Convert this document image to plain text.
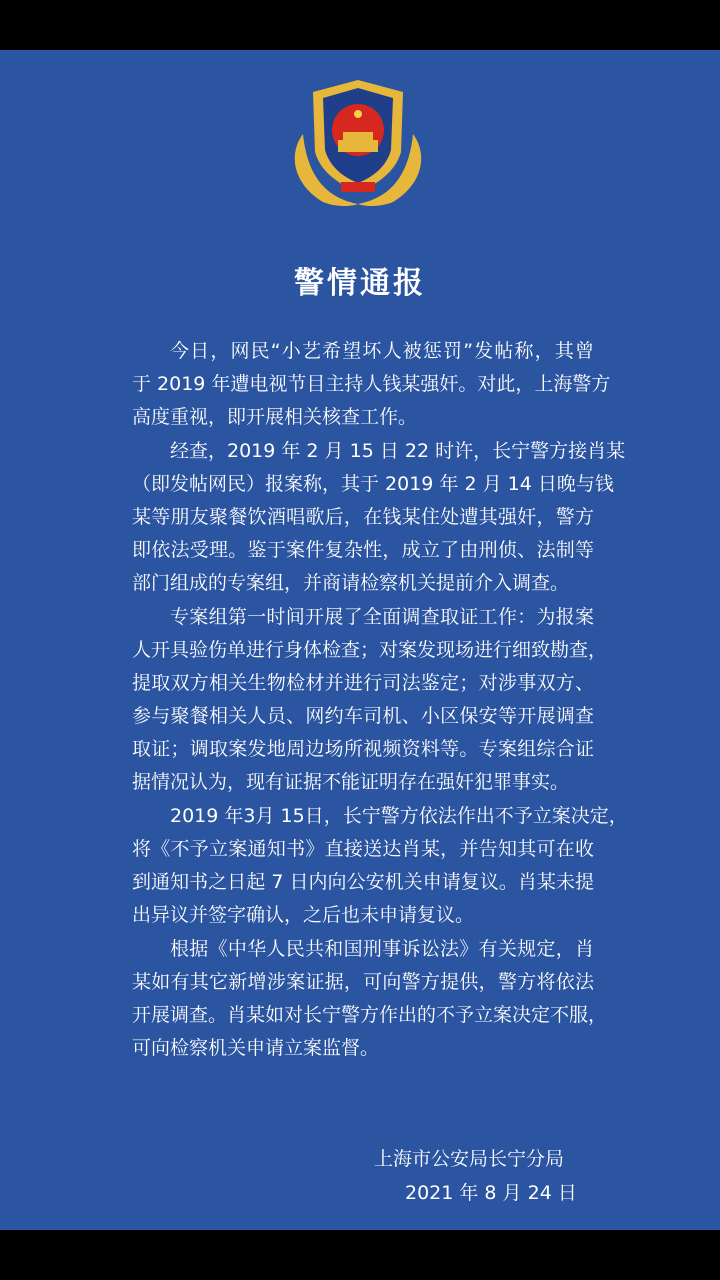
警情通报
今日，网民“小艺希望坏人被惩罚”发帖称，其曾
于 2019 年遭电视节目主持人钱某强奸。对此，上海警方
高度重视，即开展相关核查工作。
经查，2019 年 2 月 15 日 22 时许，长宁警方接肖某
（即发帖网民）报案称，其于 2019 年 2 月 14 日晚与钱
某等朋友聚餐饮酒唱歌后，在钱某住处遭其强奸，警方
即依法受理。鉴于案件复杂性，成立了由刑侦、法制等
部门组成的专案组，并商请检察机关提前介入调查。
专案组第一时间开展了全面调查取证工作：为报案
人开具验伤单进行身体检查；对案发现场进行细致勘查，
提取双方相关生物检材并进行司法鉴定；对涉事双方、
参与聚餐相关人员、网约车司机、小区保安等开展调查
取证；调取案发地周边场所视频资料等。专案组综合证
据情况认为，现有证据不能证明存在强奸犯罪事实。
2019 年3月 15日，长宁警方依法作出不予立案决定，
将《不予立案通知书》直接送达肖某，并告知其可在收
到通知书之日起 7 日内向公安机关申请复议。肖某未提
出异议并签字确认，之后也未申请复议。
根据《中华人民共和国刑事诉讼法》有关规定，肖
某如有其它新增涉案证据，可向警方提供，警方将依法
开展调查。肖某如对长宁警方作出的不予立案决定不服，
可向检察机关申请立案监督。
上海市公安局长宁分局
2021 年 8 月 24 日
